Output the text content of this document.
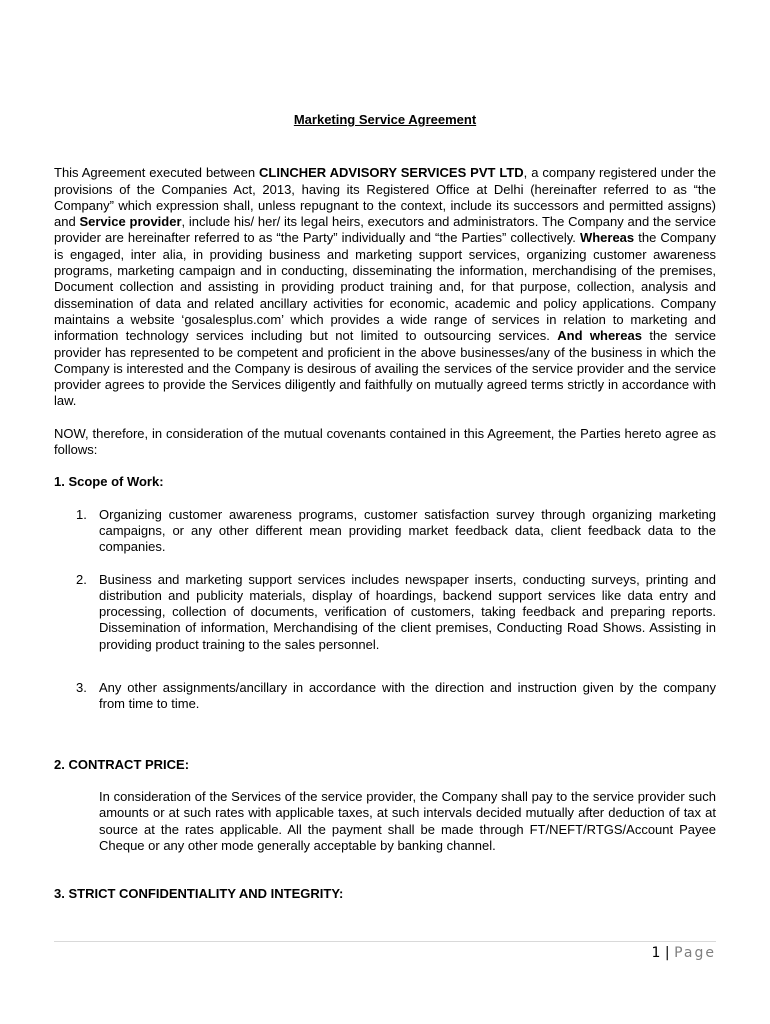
Marketing Service Agreement

This Agreement executed between CLINCHER ADVISORY SERVICES PVT LTD, a company registered under the provisions of the Companies Act, 2013, having its Registered Office at Delhi (hereinafter referred to as “the Company” which expression shall, unless repugnant to the context, include its successors and permitted assigns) and Service provider, include his/ her/ its legal heirs, executors and administrators. The Company and the service provider are hereinafter referred to as “the Party” individually and “the Parties” collectively. Whereas the Company is engaged, inter alia, in providing business and marketing support services, organizing customer awareness programs, marketing campaign and in conducting, disseminating the information, merchandising of the premises, Document collection and assisting in providing product training and, for that purpose, collection, analysis and dissemination of data and related ancillary activities for economic, academic and policy applications. Company maintains a website ‘gosalesplus.com’ which provides a wide range of services in relation to marketing and information technology services including but not limited to outsourcing services. And whereas the service provider has represented to be competent and proficient in the above businesses/any of the business in which the Company is interested and the Company is desirous of availing the services of the service provider and the service provider agrees to provide the Services diligently and faithfully on mutually agreed terms strictly in accordance with law.

NOW, therefore, in consideration of the mutual covenants contained in this Agreement, the Parties hereto agree as follows:

1. Scope of Work:
1. Organizing customer awareness programs, customer satisfaction survey through organizing marketing campaigns, or any other different mean providing market feedback data, client feedback data to the companies.
2. Business and marketing support services includes newspaper inserts, conducting surveys, printing and distribution and publicity materials, display of hoardings, backend support services like data entry and processing, collection of documents, verification of customers, taking feedback and preparing reports. Dissemination of information, Merchandising of the client premises, Conducting Road Shows. Assisting in providing product training to the sales personnel.
3. Any other assignments/ancillary in accordance with the direction and instruction given by the company from time to time.
2. CONTRACT PRICE:

In consideration of the Services of the service provider, the Company shall pay to the service provider such amounts or at such rates with applicable taxes, at such intervals decided mutually after deduction of tax at source at the rates applicable. All the payment shall be made through FT/NEFT/RTGS/Account Payee Cheque or any other mode generally acceptable by banking channel.

3. STRICT CONFIDENTIALITY AND INTEGRITY:
1 | Page
